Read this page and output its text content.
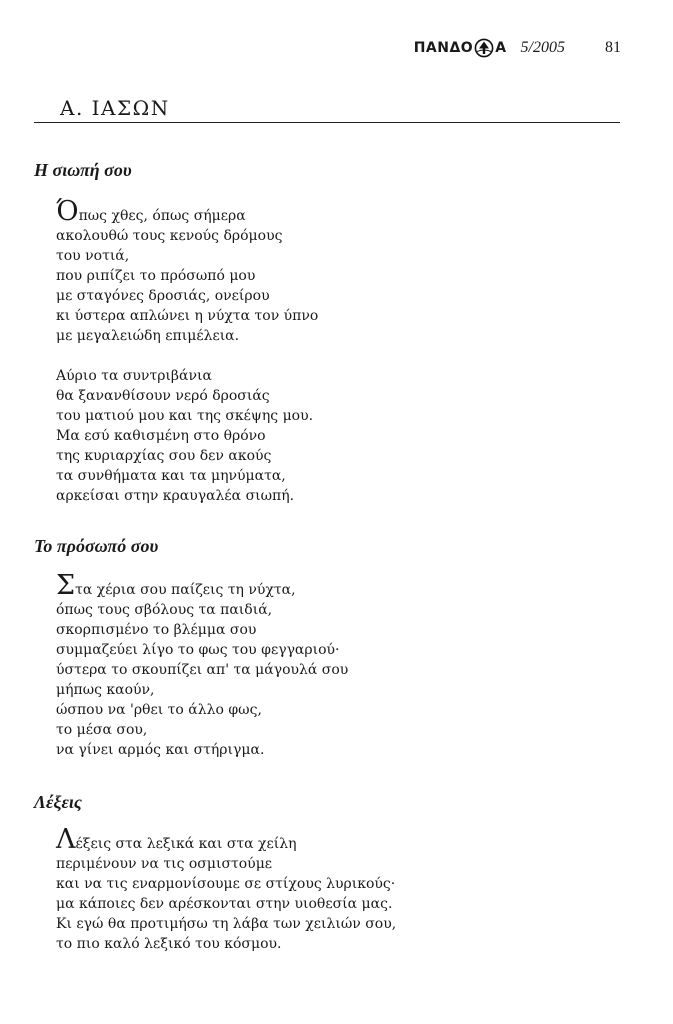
ΠΑΝΔΟ Α 5/2005	81
Α. ΙΑΣΩΝ
Η σιωπή σου
Όπως χθες, όπως σήμερα
ακολουθώ τους κενούς δρόμους
του νοτιά,
που ριπίζει το πρόσωπό μου
με σταγόνες δροσιάς, ονείρου
κι ύστερα απλώνει η νύχτα τον ύπνο
με μεγαλειώδη επιμέλεια.
Αύριο τα συντριβάνια
θα ξανανθίσουν νερό δροσιάς
του ματιού μου και της σκέψης μου.
Μα εσύ καθισμένη στο θρόνο
της κυριαρχίας σου δεν ακούς
τα συνθήματα και τα μηνύματα,
αρκείσαι στην κραυγαλέα σιωπή.
Το πρόσωπό σου
Στα χέρια σου παίζεις τη νύχτα,
όπως τους σβόλους τα παιδιά,
σκορπισμένο το βλέμμα σου
συμμαζεύει λίγο το φως του φεγγαριού·
ύστερα το σκουπίζει απ' τα μάγουλά σου
μήπως καούν,
ώσπου να 'ρθει το άλλο φως,
το μέσα σου,
να γίνει αρμός και στήριγμα.
Λέξεις
Λέξεις στα λεξικά και στα χείλη
περιμένουν να τις οσμιστούμε
και να τις εναρμονίσουμε σε στίχους λυρικούς·
μα κάποιες δεν αρέσκονται στην υιοθεσία μας.
Κι εγώ θα προτιμήσω τη λάβα των χειλιών σου,
το πιο καλό λεξικό του κόσμου.
